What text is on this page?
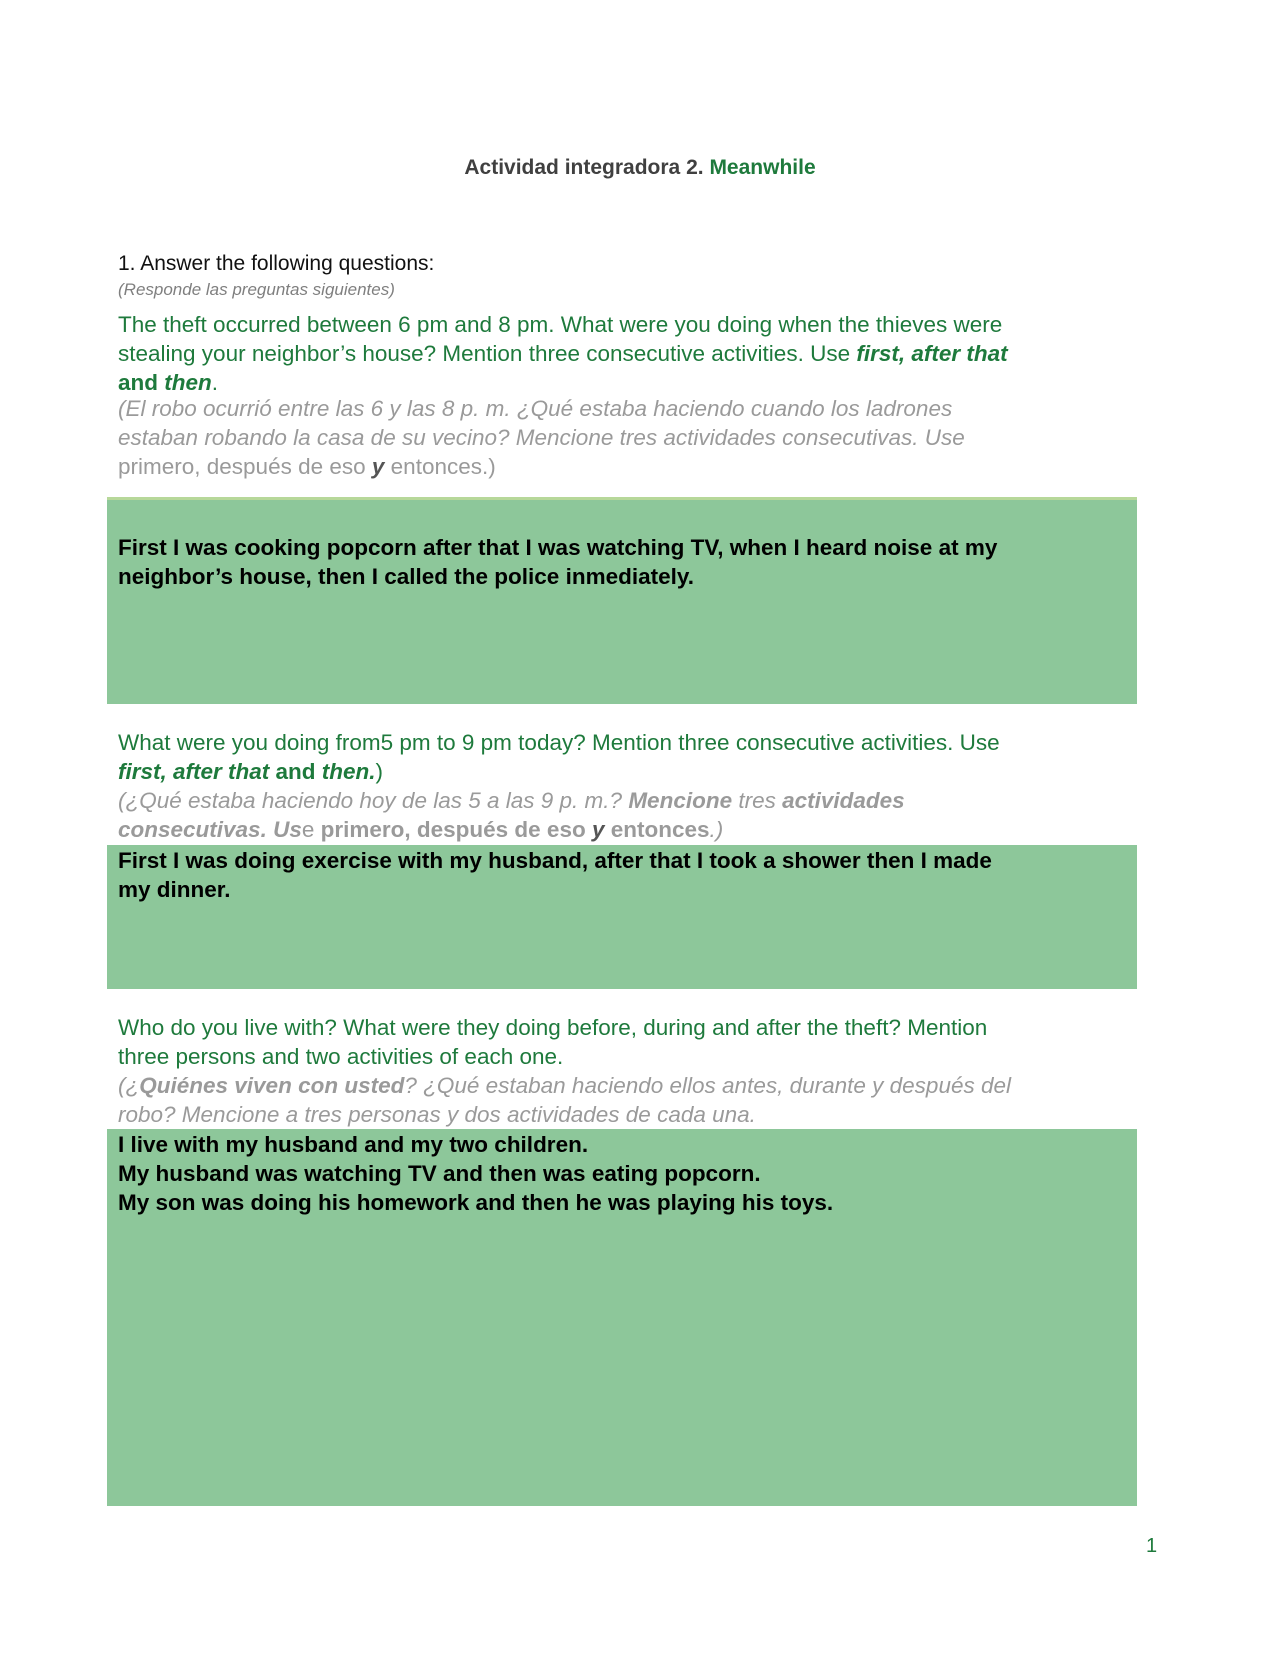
Actividad integradora 2. Meanwhile
1. Answer the following questions:
(Responde las preguntas siguientes)
The theft occurred between 6 pm and 8 pm. What were you doing when the thieves were
stealing your neighbor’s house? Mention three consecutive activities. Use first, after that
and then.
(El robo ocurrió entre las 6 y las 8 p. m. ¿Qué estaba haciendo cuando los ladrones
estaban robando la casa de su vecino? Mencione tres actividades consecutivas. Use
primero, después de eso y entonces.)
First I was cooking popcorn after that I was watching TV, when I heard noise at my
neighbor’s house, then I called the police inmediately.
What were you doing from5 pm to 9 pm today? Mention three consecutive activities. Use
first, after that and then.)
(¿Qué estaba haciendo hoy de las 5 a las 9 p. m.? Mencione tres actividades
consecutivas. Use primero, después de eso y entonces.)
First I was doing exercise with my husband, after that I took a shower then I made
my dinner.
Who do you live with? What were they doing before, during and after the theft? Mention
three persons and two activities of each one.
(¿Quiénes viven con usted? ¿Qué estaban haciendo ellos antes, durante y después del
robo? Mencione a tres personas y dos actividades de cada una.
I live with my husband and my two children.
My husband was watching TV and then was eating popcorn.
My son was doing his homework and then he was playing his toys.
1
